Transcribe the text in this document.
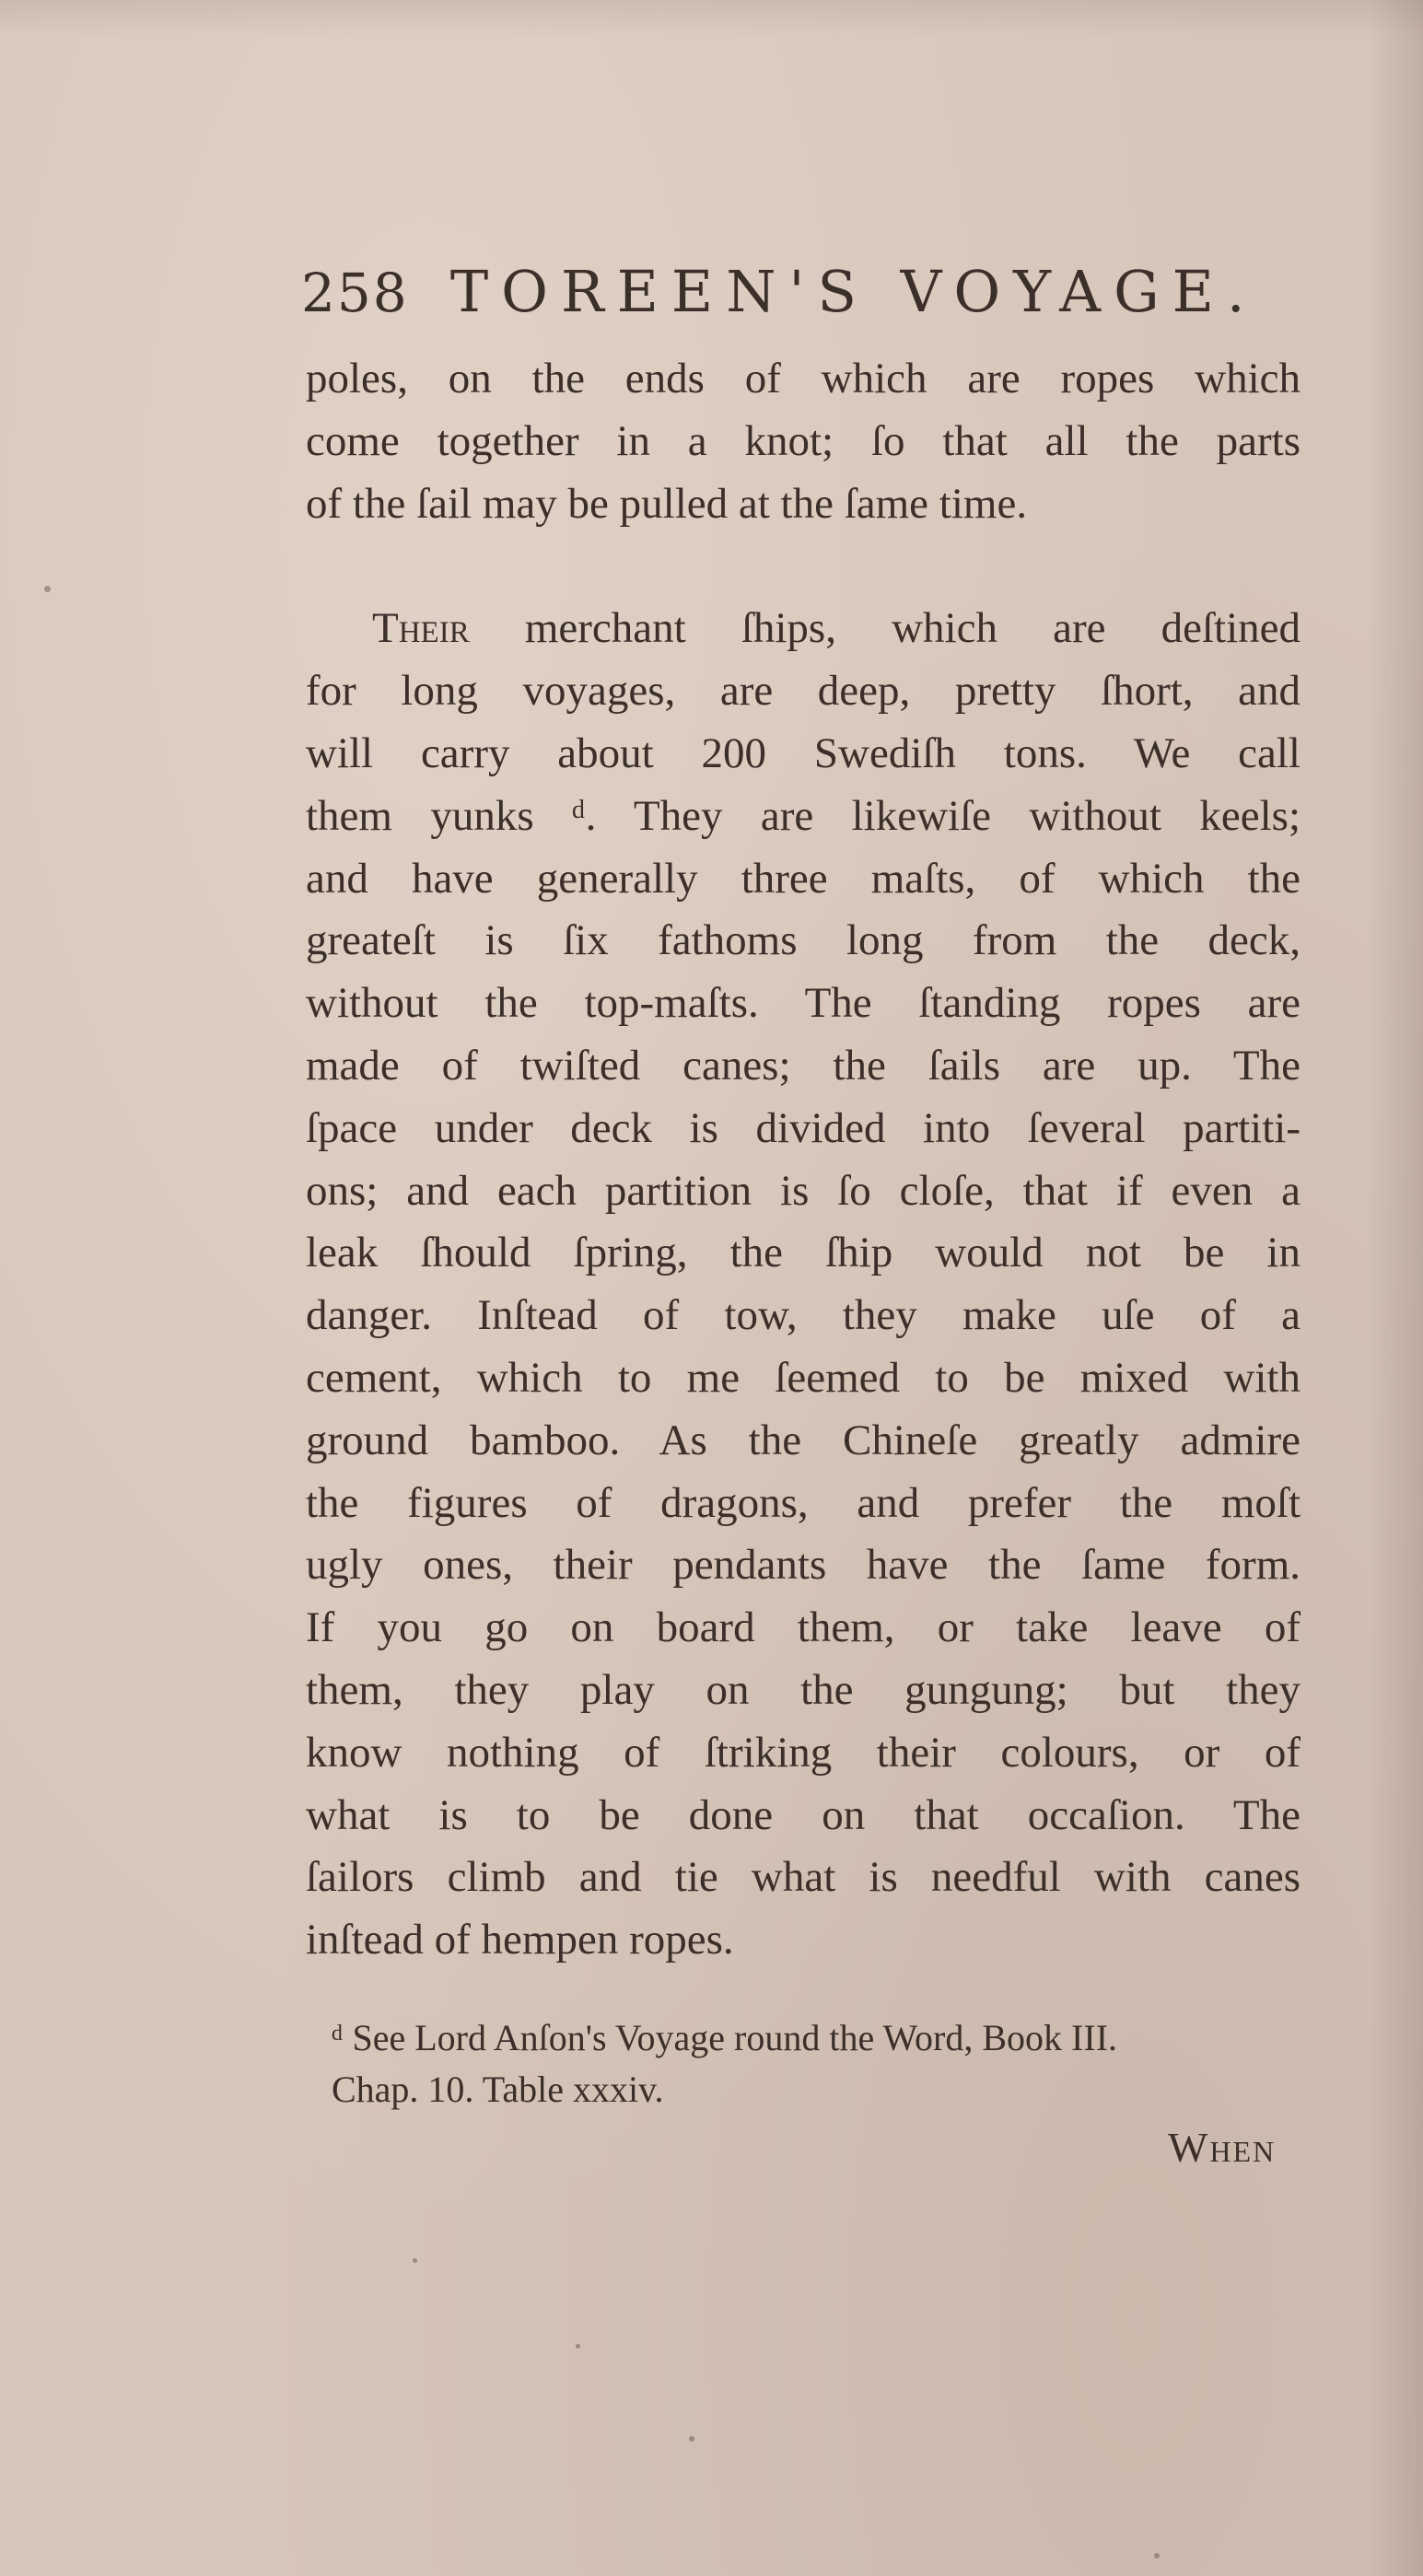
258 TOREEN'S VOYAGE.
poles, on the ends of which are ropes which
come together in a knot; ſo that all the parts
of the ſail may be pulled at the ſame time.
Their merchant ſhips, which are deſtined
for long voyages, are deep, pretty ſhort, and
will carry about 200 Swediſh tons. We call
them yunks ᵈ. They are likewiſe without keels;
and have generally three maſts, of which the
greateſt is ſix fathoms long from the deck,
without the top-maſts. The ſtanding ropes are
made of twiſted canes; the ſails are up. The
ſpace under deck is divided into ſeveral partiti-
ons; and each partition is ſo cloſe, that if even a
leak ſhould ſpring, the ſhip would not be in
danger. Inſtead of tow, they make uſe of a
cement, which to me ſeemed to be mixed with
ground bamboo. As the Chineſe greatly admire
the figures of dragons, and prefer the moſt
ugly ones, their pendants have the ſame form.
If you go on board them, or take leave of
them, they play on the gungung; but they
know nothing of ſtriking their colours, or of
what is to be done on that occaſion. The
ſailors climb and tie what is needful with canes
inſtead of hempen ropes.
ᵈ See Lord Anſon's Voyage round the Word, Book III.
Chap. 10. Table xxxiv.
When
